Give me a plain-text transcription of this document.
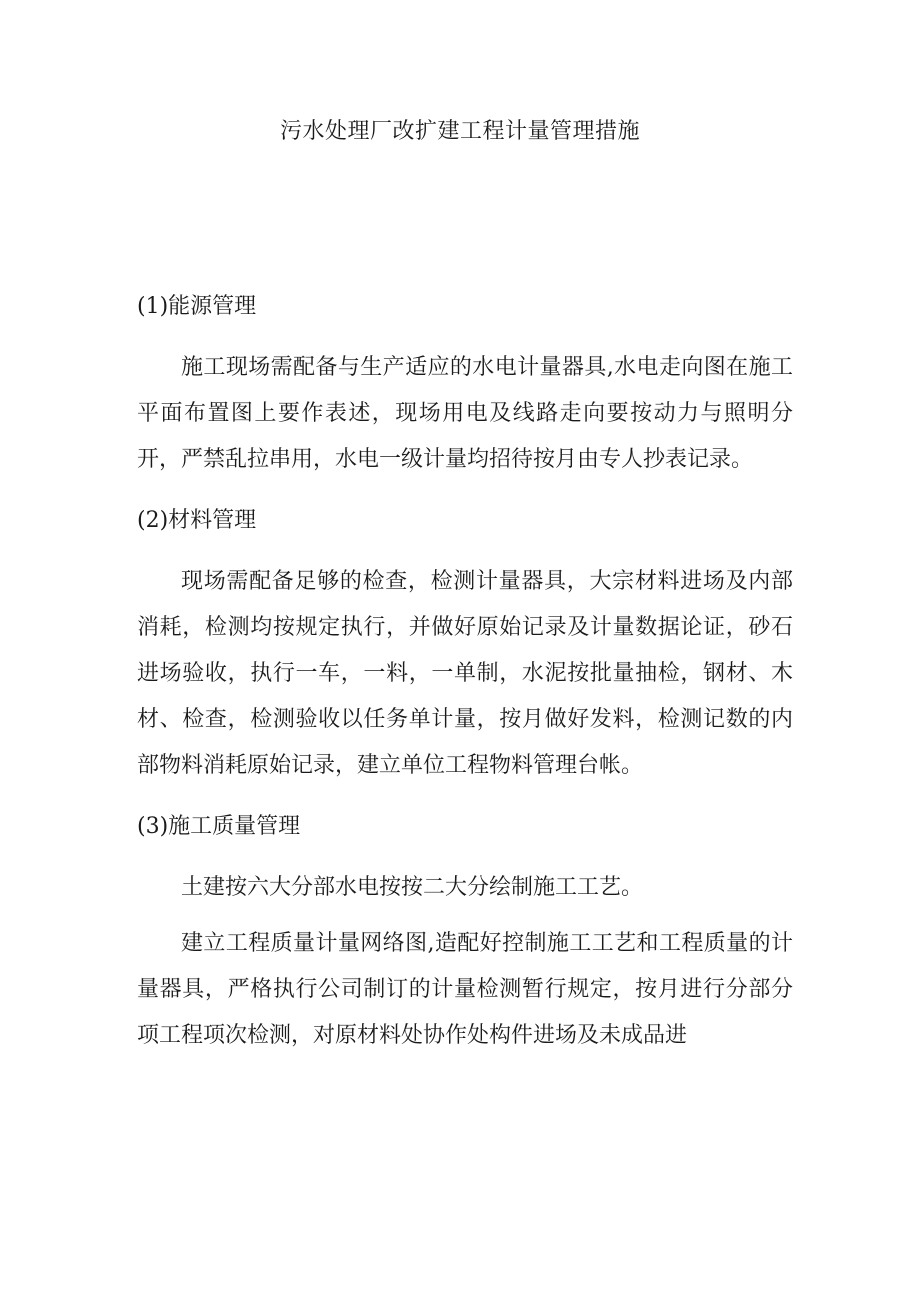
污水处理厂改扩建工程计量管理措施
(1)能源管理

施工现场需配备与生产适应的水电计量器具,水电走向图在施工平面布置图上要作表述，现场用电及线路走向要按动力与照明分开，严禁乱拉串用，水电一级计量均招待按月由专人抄表记录。

(2)材料管理

现场需配备足够的检查，检测计量器具，大宗材料进场及内部消耗，检测均按规定执行，并做好原始记录及计量数据论证，砂石进场验收，执行一车，一料，一单制，水泥按批量抽检，钢材、木材、检查，检测验收以任务单计量，按月做好发料，检测记数的内部物料消耗原始记录，建立单位工程物料管理台帐。

(3)施工质量管理

土建按六大分部水电按按二大分绘制施工工艺。

建立工程质量计量网络图,造配好控制施工工艺和工程质量的计量器具，严格执行公司制订的计量检测暂行规定，按月进行分部分项工程项次检测，对原材料处协作处构件进场及未成品进
